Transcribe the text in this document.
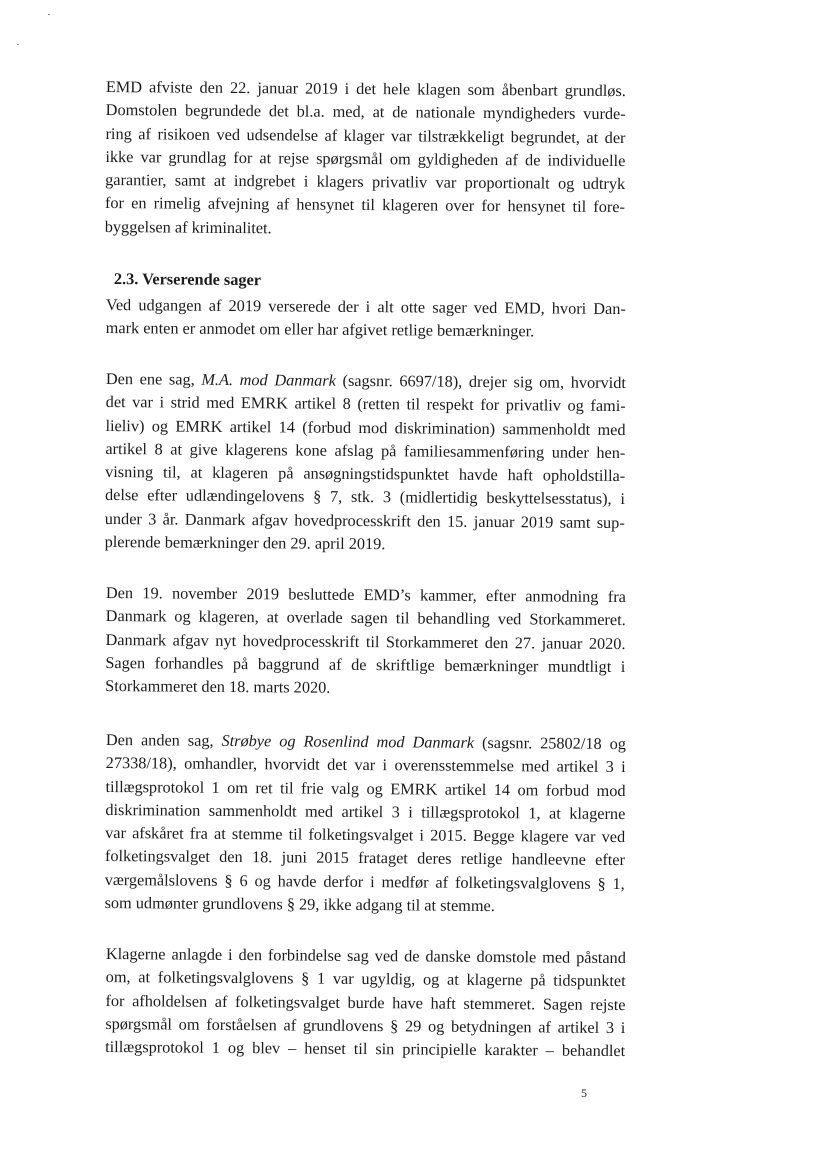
EMD afviste den 22. januar 2019 i det hele klagen som åbenbart grundløs.
Domstolen begrundede det bl.a. med, at de nationale myndigheders vurde-
ring af risikoen ved udsendelse af klager var tilstrækkeligt begrundet, at der
ikke var grundlag for at rejse spørgsmål om gyldigheden af de individuelle
garantier, samt at indgrebet i klagers privatliv var proportionalt og udtryk
for en rimelig afvejning af hensynet til klageren over for hensynet til fore-
byggelsen af kriminalitet.
2.3. Verserende sager
Ved udgangen af 2019 verserede der i alt otte sager ved EMD, hvori Dan-
mark enten er anmodet om eller har afgivet retlige bemærkninger.
Den ene sag, M.A. mod Danmark (sagsnr. 6697/18), drejer sig om, hvorvidt
det var i strid med EMRK artikel 8 (retten til respekt for privatliv og fami-
lieliv) og EMRK artikel 14 (forbud mod diskrimination) sammenholdt med
artikel 8 at give klagerens kone afslag på familiesammenføring under hen-
visning til, at klageren på ansøgningstidspunktet havde haft opholdstilla-
delse efter udlændingelovens § 7, stk. 3 (midlertidig beskyttelsesstatus), i
under 3 år. Danmark afgav hovedprocesskrift den 15. januar 2019 samt sup-
plerende bemærkninger den 29. april 2019.
Den 19. november 2019 besluttede EMD’s kammer, efter anmodning fra
Danmark og klageren, at overlade sagen til behandling ved Storkammeret.
Danmark afgav nyt hovedprocesskrift til Storkammeret den 27. januar 2020.
Sagen forhandles på baggrund af de skriftlige bemærkninger mundtligt i
Storkammeret den 18. marts 2020.
Den anden sag, Strøbye og Rosenlind mod Danmark (sagsnr. 25802/18 og
27338/18), omhandler, hvorvidt det var i overensstemmelse med artikel 3 i
tillægsprotokol 1 om ret til frie valg og EMRK artikel 14 om forbud mod
diskrimination sammenholdt med artikel 3 i tillægsprotokol 1, at klagerne
var afskåret fra at stemme til folketingsvalget i 2015. Begge klagere var ved
folketingsvalget den 18. juni 2015 frataget deres retlige handleevne efter
værgemålslovens § 6 og havde derfor i medfør af folketingsvalglovens § 1,
som udmønter grundlovens § 29, ikke adgang til at stemme.
Klagerne anlagde i den forbindelse sag ved de danske domstole med påstand
om, at folketingsvalglovens § 1 var ugyldig, og at klagerne på tidspunktet
for afholdelsen af folketingsvalget burde have haft stemmeret. Sagen rejste
spørgsmål om forståelsen af grundlovens § 29 og betydningen af artikel 3 i
tillægsprotokol 1 og blev – henset til sin principielle karakter – behandlet
5
